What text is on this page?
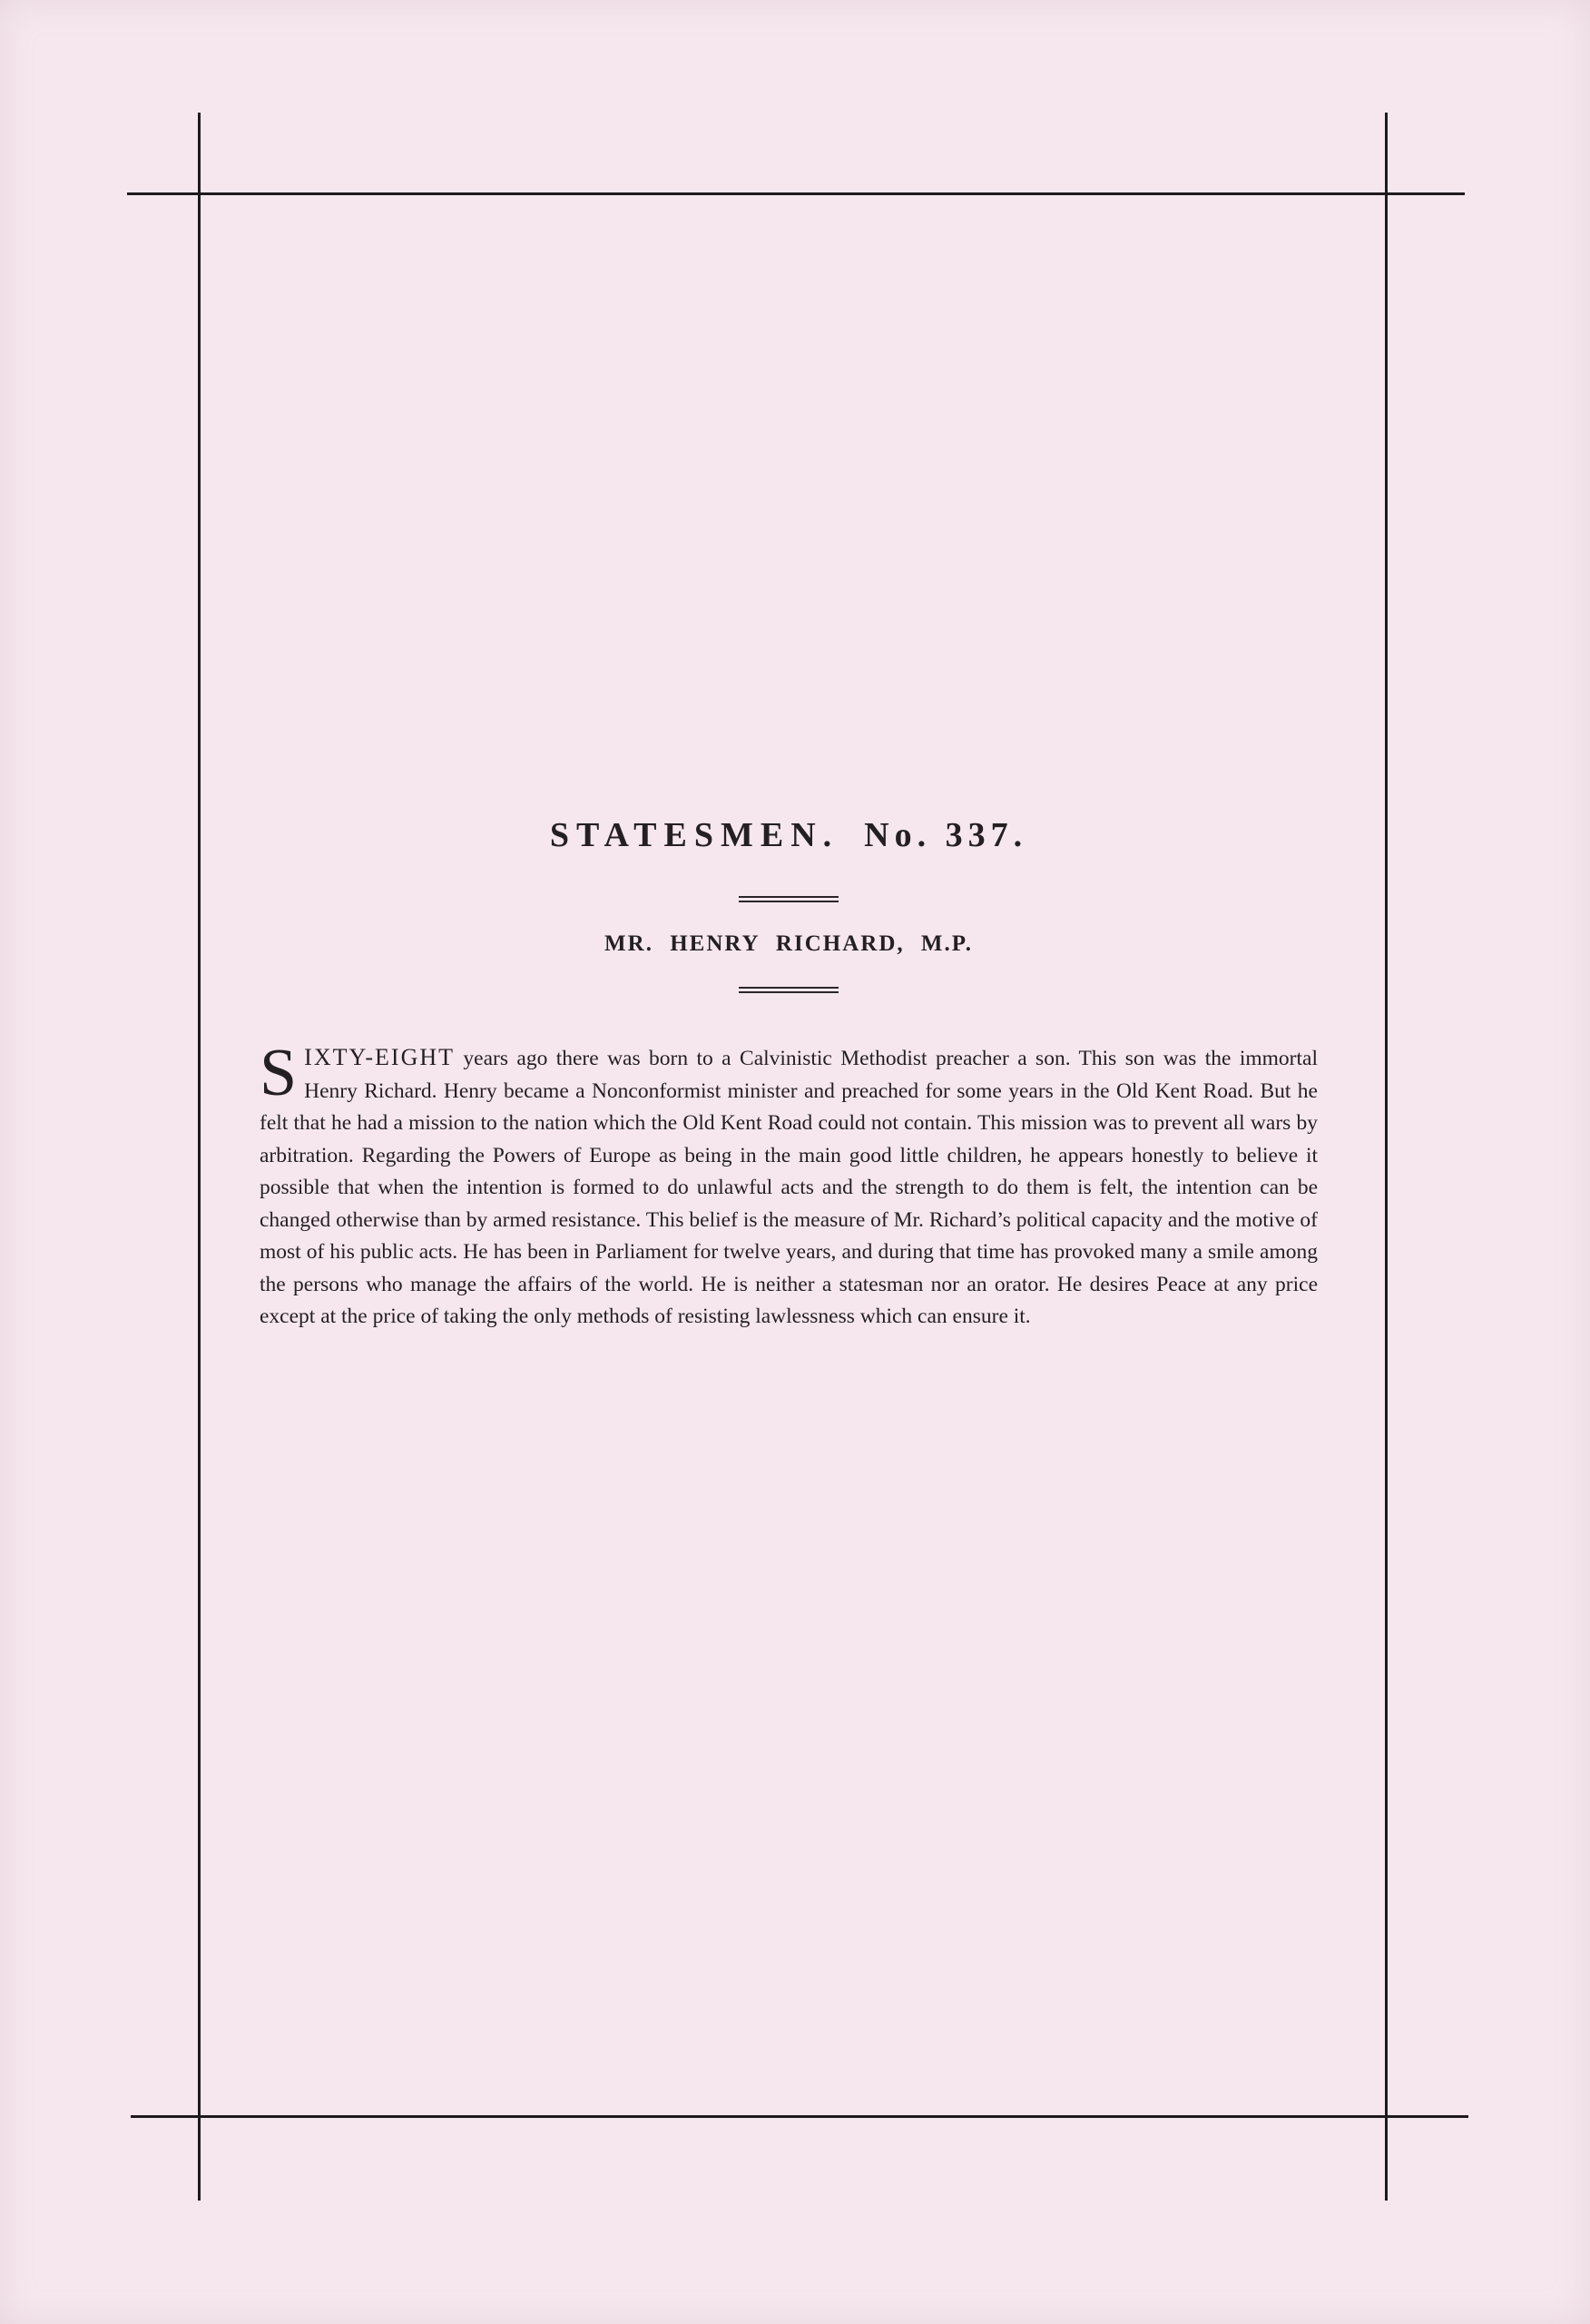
STATESMEN. No. 337.
MR. HENRY RICHARD, M.P.

SIXTY-EIGHT years ago there was born to a Calvinistic Methodist preacher a son. This son was the immortal Henry Richard. Henry became a Nonconformist minister and preached for some years in the Old Kent Road. But he felt that he had a mission to the nation which the Old Kent Road could not contain. This mission was to prevent all wars by arbitration. Regarding the Powers of Europe as being in the main good little children, he appears honestly to believe it possible that when the intention is formed to do unlawful acts and the strength to do them is felt, the intention can be changed otherwise than by armed resistance. This belief is the measure of Mr. Richard’s political capacity and the motive of most of his public acts. He has been in Parliament for twelve years, and during that time has provoked many a smile among the persons who manage the affairs of the world. He is neither a statesman nor an orator. He desires Peace at any price except at the price of taking the only methods of resisting lawlessness which can ensure it.
